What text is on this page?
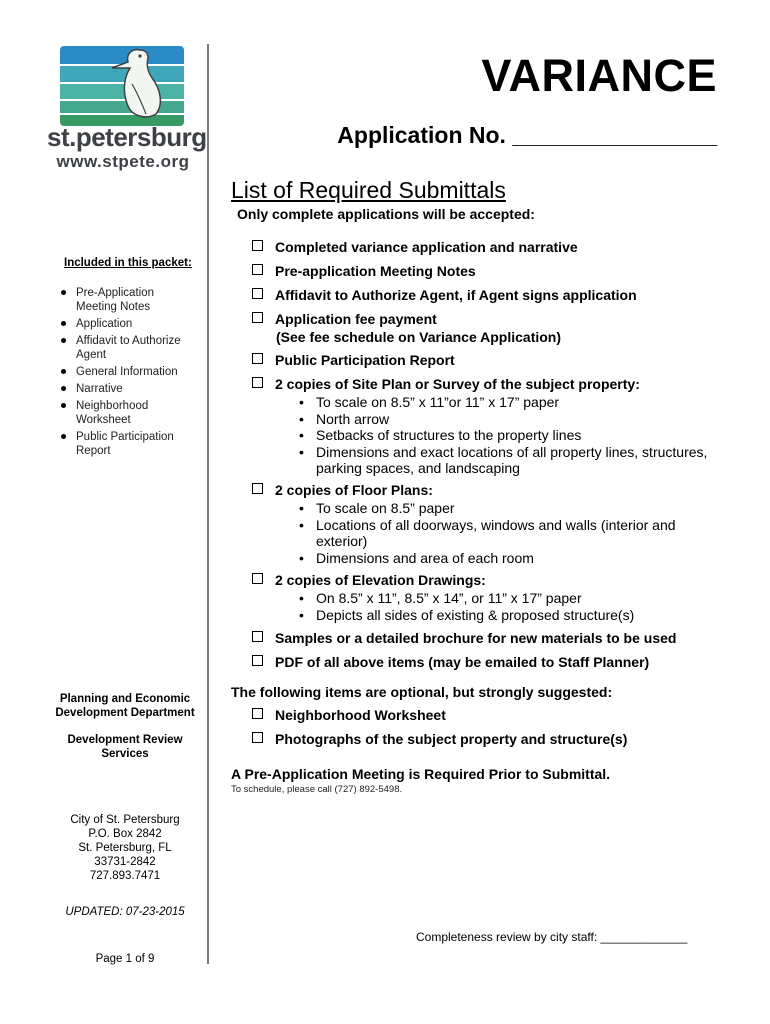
st.petersburg
www.stpete.org
VARIANCE
Application No. ________________
List of Required Submittals
Only complete applications will be accepted:
Included in this packet:
Pre-Application Meeting Notes
Application
Affidavit to Authorize Agent
General Information
Narrative
Neighborhood Worksheet
Public Participation Report
Planning and Economic Development Department
Development Review Services
City of St. Petersburg
P.O. Box 2842
St. Petersburg, FL
33731-2842
727.893.7471
UPDATED: 07-23-2015
Page 1 of 9
Completed variance application and narrative
Pre-application Meeting Notes
Affidavit to Authorize Agent, if Agent signs application
Application fee payment
(See fee schedule on Variance Application)
Public Participation Report
2 copies of Site Plan or Survey of the subject property:
• To scale on 8.5” x 11”or 11” x 17” paper
• North arrow
• Setbacks of structures to the property lines
• Dimensions and exact locations of all property lines, structures, parking spaces, and landscaping
2 copies of Floor Plans:
• To scale on 8.5” paper
• Locations of all doorways, windows and walls (interior and exterior)
• Dimensions and area of each room
2 copies of Elevation Drawings:
• On 8.5” x 11”, 8.5” x 14”, or 11” x 17” paper
• Depicts all sides of existing & proposed structure(s)
Samples or a detailed brochure for new materials to be used
PDF of all above items (may be emailed to Staff Planner)
The following items are optional, but strongly suggested:
Neighborhood Worksheet
Photographs of the subject property and structure(s)
A Pre-Application Meeting is Required Prior to Submittal.
To schedule, please call (727) 892-5498.
Completeness review by city staff: _____________
